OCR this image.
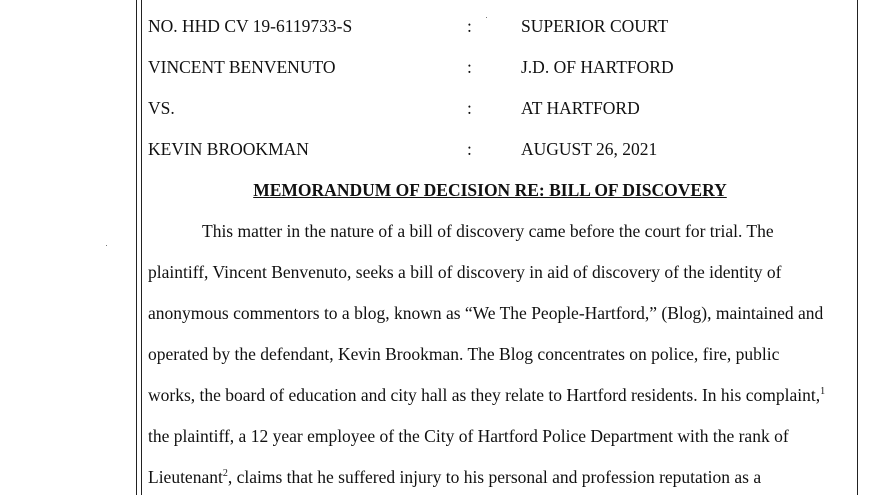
NO. HHD CV 19-6119733-S	:	SUPERIOR COURT
VINCENT BENVENUTO	:	J.D. OF HARTFORD
VS.	:	AT HARTFORD
KEVIN BROOKMAN	:	AUGUST 26, 2021
MEMORANDUM OF DECISION RE: BILL OF DISCOVERY
This matter in the nature of a bill of discovery came before the court for trial. The
plaintiff, Vincent Benvenuto, seeks a bill of discovery in aid of discovery of the identity of
anonymous commentors to a blog, known as “We The People-Hartford,” (Blog), maintained and
operated by the defendant, Kevin Brookman. The Blog concentrates on police, fire, public
works, the board of education and city hall as they relate to Hartford residents. In his complaint,$^1$
the plaintiff, a 12 year employee of the City of Hartford Police Department with the rank of
Lieutenant$^2$, claims that he suffered injury to his personal and profession reputation as a
